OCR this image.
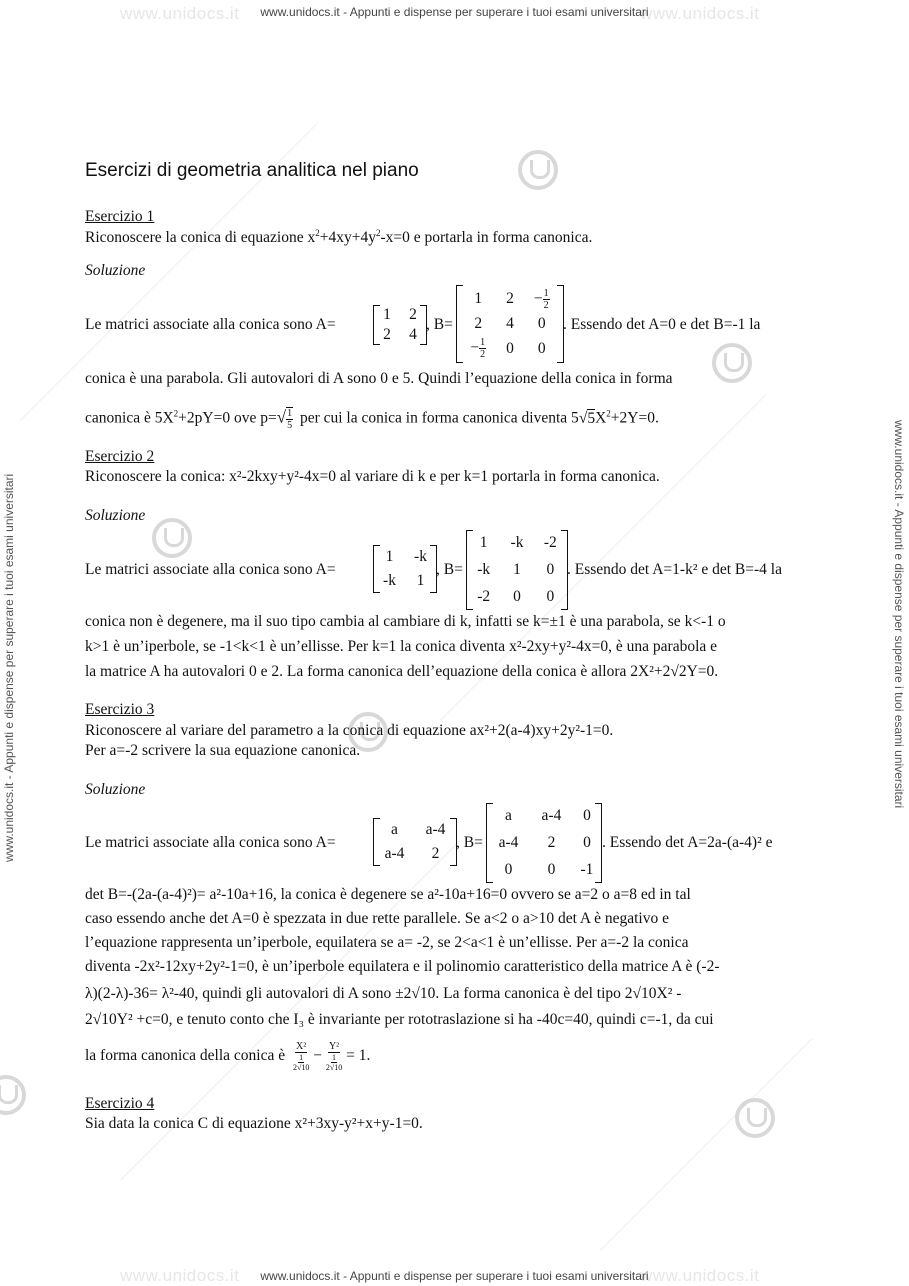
www.unidocs.it	www.unidocs.it
www.unidocs.it - Appunti e dispense per superare i tuoi esami universitari
www.unidocs.it	www.unidocs.it
www.unidocs.it - Appunti e dispense per superare i tuoi esami universitari
www.unidocs.it - Appunti e dispense per superare i tuoi esami universitari	www.unidocs.it - Appunti e dispense per superare i tuoi esami universitari
Esercizi di geometria analitica nel piano
Esercizio 1
Riconoscere la conica di equazione $x^2+4xy+4y^2-x=0$ e portarla in forma canonica.
Soluzione
Le matrici associate alla conica sono A=
1	2
2	4
, B=
1	2	− $\frac{1}{2}$

2	4	0
− $\frac{1}{2}$	0	0
. Essendo det A=0 e det B=-1 la
conica è una parabola. Gli autovalori di A sono 0 e 5. Quindi l’equazione della conica in forma
canonica è $5X^2+2pY=0$ ove $p=√ \frac{1}{5}$ per cui la conica in forma canonica diventa $5√5X^2+2Y=0$.
Esercizio 2
Riconoscere la conica: x²-2kxy+y²-4x=0 al variare di k e per k=1 portarla in forma canonica.
Soluzione
Le matrici associate alla conica sono A=
1	-k
-k	1
, B=
1	-k	-2
-k	1	0
-2	0	0
. Essendo det A=1-k² e det B=-4 la
conica non è degenere, ma il suo tipo cambia al cambiare di k, infatti se k=±1 è una parabola, se k<-1 o
k>1 è un’iperbole, se -1<k<1 è un’ellisse. Per k=1 la conica diventa x²-2xy+y²-4x=0, è una parabola e
la matrice A ha autovalori 0 e 2. La forma canonica dell’equazione della conica è allora 2X²+2√2Y=0.
Esercizio 3
Riconoscere al variare del parametro a la conica di equazione ax²+2(a-4)xy+2y²-1=0.
Per a=-2 scrivere la sua equazione canonica.
Soluzione
Le matrici associate alla conica sono A=
a	a-4
a-4	2
, B=
a	a-4	0
a-4	2	0
0	0	-1
. Essendo det A=2a-(a-4)² e
det B=-(2a-(a-4)²)= a²-10a+16, la conica è degenere se a²-10a+16=0 ovvero se a=2 o a=8 ed in tal
caso essendo anche det A=0 è spezzata in due rette parallele. Se a<2 o a>10 det A è negativo e
l’equazione rappresenta un’iperbole, equilatera se a= -2, se 2<a<1 è un’ellisse. Per a=-2 la conica
diventa -2x²-12xy+2y²-1=0, è un’iperbole equilatera e il polinomio caratteristico della matrice A è (-2-
λ)(2-λ)-36= λ²-40, quindi gli autovalori di A sono ±2√10. La forma canonica è del tipo 2√10X² -
2√10Y² +c=0, e tenuto conto che I₃ è invariante per rototraslazione si ha -40c=40, quindi c=-1, da cui
la forma canonica della conica è $\frac{\text{X²}}{\frac{1}{2√10}} - \frac{\text{Y²}}{\frac{1}{2√10}} = 1$.
Esercizio 4
Sia data la conica C di equazione x²+3xy-y²+x+y-1=0.
